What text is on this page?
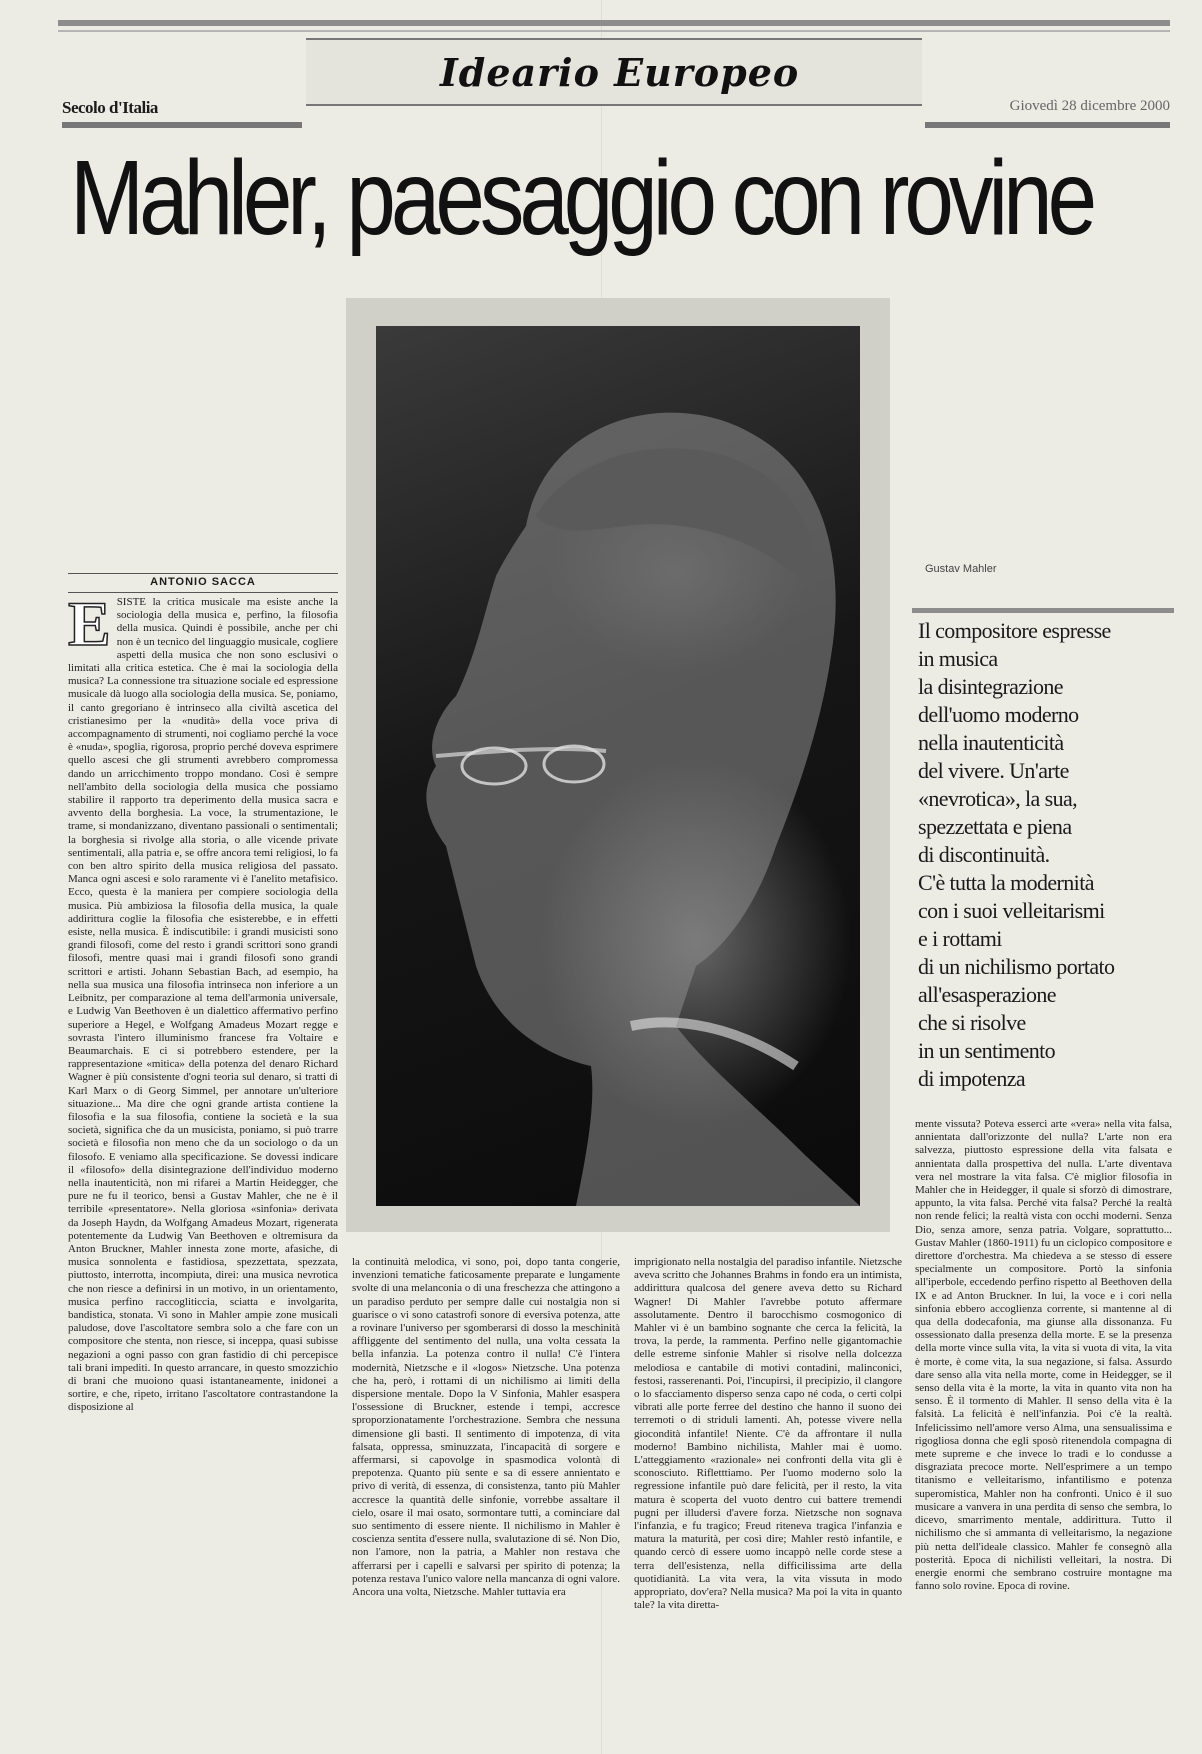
Ideario Europeo
Secolo d'Italia	Giovedì 28 dicembre 2000
Mahler, paesaggio con rovine
Gustav Mahler
Il compositore espresse
in musica
la disintegrazione
dell'uomo moderno
nella inautenticità
del vivere. Un'arte
«nevrotica», la sua,
spezzettata e piena
di discontinuità.
C'è tutta la modernità
con i suoi velleitarismi
e i rottami
di un nichilismo portato
all'esasperazione
che si risolve
in un sentimento
di impotenza
ANTONIO SACCA
ESISTE la critica musicale ma esiste anche la sociologia della musica e, perfino, la filosofia della musica. Quindi è possibile, anche per chi non è un tecnico del linguaggio musicale, cogliere aspetti della musica che non sono esclusivi o limitati alla critica estetica. Che è mai la sociologia della musica? La connessione tra situazione sociale ed espressione musicale dà luogo alla sociologia della musica. Se, poniamo, il canto gregoriano è intrinseco alla civiltà ascetica del cristianesimo per la «nudità» della voce priva di accompagnamento di strumenti, noi cogliamo perché la voce è «nuda», spoglia, rigorosa, proprio perché doveva esprimere quello ascesi che gli strumenti avrebbero compromessa dando un arricchimento troppo mondano. Così è sempre nell'ambito della sociologia della musica che possiamo stabilire il rapporto tra deperimento della musica sacra e avvento della borghesia. La voce, la strumentazione, le trame, si mondanizzano, diventano passionali o sentimentali; la borghesia si rivolge alla storia, o alle vicende private sentimentali, alla patria e, se offre ancora temi religiosi, lo fa con ben altro spirito della musica religiosa del passato. Manca ogni ascesi e solo raramente vi è l'anelito metafisico. Ecco, questa è la maniera per compiere sociologia della musica. Più ambiziosa la filosofia della musica, la quale addirittura coglie la filosofia che esisterebbe, e in effetti esiste, nella musica. È indiscutibile: i grandi musicisti sono grandi filosofi, come del resto i grandi scrittori sono grandi filosofi, mentre quasi mai i grandi filosofi sono grandi scrittori e artisti. Johann Sebastian Bach, ad esempio, ha nella sua musica una filosofia intrinseca non inferiore a un Leibnitz, per comparazione al tema dell'armonia universale, e Ludwig Van Beethoven è un dialettico affermativo perfino superiore a Hegel, e Wolfgang Amadeus Mozart regge e sovrasta l'intero illuminismo francese fra Voltaire e Beaumarchais. E ci si potrebbero estendere, per la rappresentazione «mitica» della potenza del denaro Richard Wagner è più consistente d'ogni teoria sul denaro, si tratti di Karl Marx o di Georg Simmel, per annotare un'ulteriore situazione... Ma dire che ogni grande artista contiene la filosofia e la sua filosofia, contiene la società e la sua società, significa che da un musicista, poniamo, si può trarre società e filosofia non meno che da un sociologo o da un filosofo. E veniamo alla specificazione. Se dovessi indicare il «filosofo» della disintegrazione dell'individuo moderno nella inautenticità, non mi rifarei a Martin Heidegger, che pure ne fu il teorico, bensì a Gustav Mahler, che ne è il terribile «presentatore». Nella gloriosa «sinfonia» derivata da Joseph Haydn, da Wolfgang Amadeus Mozart, rigenerata potentemente da Ludwig Van Beethoven e oltremisura da Anton Bruckner, Mahler innesta zone morte, afasiche, di musica sonnolenta e fastidiosa, spezzettata, spezzata, piuttosto, interrotta, incompiuta, direi: una musica nevrotica che non riesce a definirsi in un motivo, in un orientamento, musica perfino raccogliticcia, sciatta e involgarita, bandistica, stonata. Vi sono in Mahler ampie zone musicali paludose, dove l'ascoltatore sembra solo a che fare con un compositore che stenta, non riesce, si inceppa, quasi subisse negazioni a ogni passo con gran fastidio di chi percepisce tali brani impediti. In questo arrancare, in questo smozzichio di brani che muoiono quasi istantaneamente, inidonei a sortire, e che, ripeto, irritano l'ascoltatore contrastandone la disposizione al
la continuità melodica, vi sono, poi, dopo tanta congerie, invenzioni tematiche faticosamente preparate e lungamente svolte di una melanconia o di una freschezza che attingono a un paradiso perduto per sempre dalle cui nostalgia non si guarisce o vi sono catastrofi sonore di eversiva potenza, atte a rovinare l'universo per sgomberarsi di dosso la meschinità affliggente del sentimento del nulla, una volta cessata la bella infanzia. La potenza contro il nulla! C'è l'intera modernità, Nietzsche e il «logos» Nietzsche. Una potenza che ha, però, i rottami di un nichilismo ai limiti della dispersione mentale. Dopo la V Sinfonia, Mahler esaspera l'ossessione di Bruckner, estende i tempi, accresce sproporzionatamente l'orchestrazione. Sembra che nessuna dimensione gli basti. Il sentimento di impotenza, di vita falsata, oppressa, sminuzzata, l'incapacità di sorgere e affermarsi, si capovolge in spasmodica volontà di prepotenza. Quanto più sente e sa di essere annientato e privo di verità, di essenza, di consistenza, tanto più Mahler accresce la quantità delle sinfonie, vorrebbe assaltare il cielo, osare il mai osato, sormontare tutti, a cominciare dal suo sentimento di essere niente. Il nichilismo in Mahler è coscienza sentita d'essere nulla, svalutazione di sé. Non Dio, non l'amore, non la patria, a Mahler non restava che afferrarsi per i capelli e salvarsi per spirito di potenza; la potenza restava l'unico valore nella mancanza di ogni valore. Ancora una volta, Nietzsche. Mahler tuttavia era
imprigionato nella nostalgia del paradiso infantile. Nietzsche aveva scritto che Johannes Brahms in fondo era un intimista, addirittura qualcosa del genere aveva detto su Richard Wagner! Di Mahler l'avrebbe potuto affermare assolutamente. Dentro il barocchismo cosmogonico di Mahler vi è un bambino sognante che cerca la felicità, la trova, la perde, la rammenta. Perfino nelle gigantomachie delle estreme sinfonie Mahler si risolve nella dolcezza melodiosa e cantabile di motivi contadini, malinconici, festosi, rasserenanti. Poi, l'incupirsi, il precipizio, il clangore o lo sfacciamento disperso senza capo né coda, o certi colpi vibrati alle porte ferree del destino che hanno il suono dei terremoti o di striduli lamenti. Ah, potesse vivere nella giocondità infantile! Niente. C'è da affrontare il nulla moderno! Bambino nichilista, Mahler mai è uomo. L'atteggiamento «razionale» nei confronti della vita gli è sconosciuto. Rifletttiamo. Per l'uomo moderno solo la regressione infantile può dare felicità, per il resto, la vita matura è scoperta del vuoto dentro cui battere tremendi pugni per illudersi d'avere forza. Nietzsche non sognava l'infanzia, e fu tragico; Freud riteneva tragica l'infanzia e matura la maturità, per così dire; Mahler restò infantile, e quando cercò di essere uomo incappò nelle corde stese a terra dell'esistenza, nella difficilissima arte della quotidianità. La vita vera, la vita vissuta in modo appropriato, dov'era? Nella musica? Ma poi la vita in quanto tale? la vita diretta-
mente vissuta? Poteva esserci arte «vera» nella vita falsa, annientata dall'orizzonte del nulla? L'arte non era salvezza, piuttosto espressione della vita falsata e annientata dalla prospettiva del nulla. L'arte diventava vera nel mostrare la vita falsa. C'è miglior filosofia in Mahler che in Heidegger, il quale si sforzò di dimostrare, appunto, la vita falsa. Perché vita falsa? Perché la realtà non rende felici; la realtà vista con occhi moderni. Senza Dio, senza amore, senza patria. Volgare, soprattutto... Gustav Mahler (1860-1911) fu un ciclopico compositore e direttore d'orchestra. Ma chiedeva a se stesso di essere specialmente un compositore. Portò la sinfonia all'iperbole, eccedendo perfino rispetto al Beethoven della IX e ad Anton Bruckner. In lui, la voce e i cori nella sinfonia ebbero accoglienza corrente, si mantenne al di qua della dodecafonia, ma giunse alla dissonanza. Fu ossessionato dalla presenza della morte. E se la presenza della morte vince sulla vita, la vita si vuota di vita, la vita è morte, è come vita, la sua negazione, si falsa. Assurdo dare senso alla vita nella morte, come in Heidegger, se il senso della vita è la morte, la vita in quanto vita non ha senso. È il tormento di Mahler. Il senso della vita è la falsità. La felicità è nell'infanzia. Poi c'è la realtà. Infelicissimo nell'amore verso Alma, una sensualissima e rigogliosa donna che egli sposò ritenendola compagna di mete supreme e che invece lo tradì e lo condusse a disgraziata precoce morte. Nell'esprimere a un tempo titanismo e velleitarismo, infantilismo e potenza superomistica, Mahler non ha confronti. Unico è il suo musicare a vanvera in una perdita di senso che sembra, lo dicevo, smarrimento mentale, addirittura. Tutto il nichilismo che si ammanta di velleitarismo, la negazione più netta dell'ideale classico. Mahler fe consegnò alla posterità. Epoca di nichilisti velleitari, la nostra. Di energie enormi che sembrano costruire montagne ma fanno solo rovine. Epoca di rovine.
